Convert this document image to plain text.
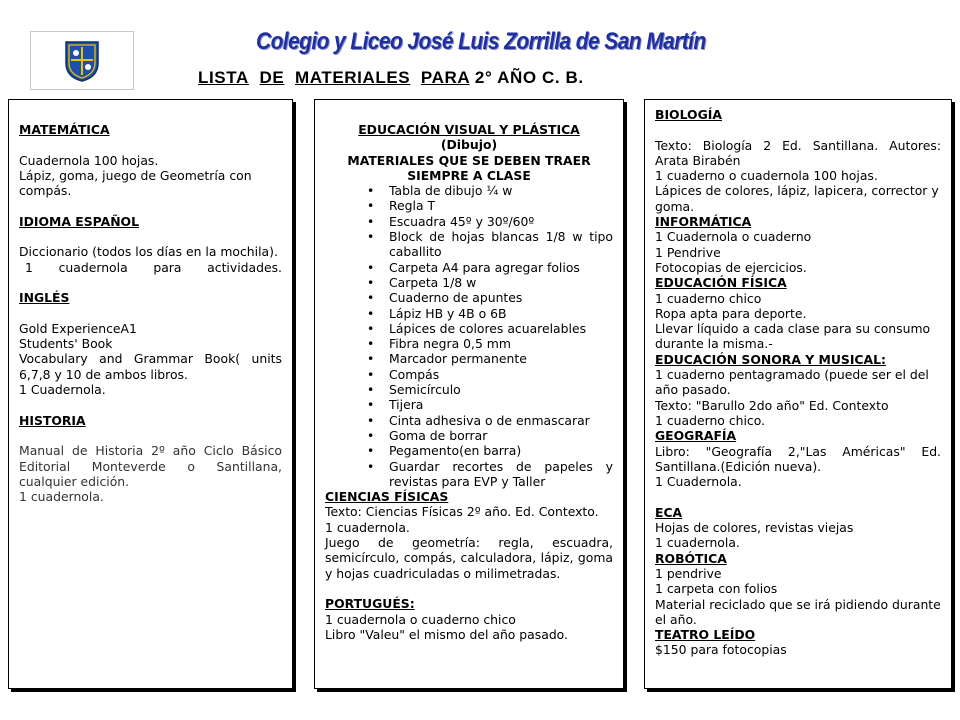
Colegio y Liceo José Luis Zorrilla de San Martín
LISTA DE MATERIALES PARA 2° AÑO C. B.
MATEMÁTICA

Cuadernola 100 hojas.

Lápiz, goma, juego de Geometría con compás.

IDIOMA ESPAÑOL

Diccionario (todos los días en la mochila).

1 cuadernola para actividades.

INGLÉS

Gold ExperienceA1

Students' Book

Vocabulary and Grammar Book( units 6,7,8 y 10 de ambos libros.

1 Cuadernola.

HISTORIA

Manual de Historia 2º año Ciclo Básico Editorial Monteverde o Santillana, cualquier edición.

1 cuadernola.

EDUCACIÓN VISUAL Y PLÁSTICA
(Dibujo)
MATERIALES QUE SE DEBEN TRAER
SIEMPRE A CLASE
• Tabla de dibujo ¼ w
• Regla T
• Escuadra 45º y 30º/60º
• Block de hojas blancas 1/8 w tipo caballito
• Carpeta A4 para agregar folios
• Carpeta 1/8 w
• Cuaderno de apuntes
• Lápiz HB y 4B o 6B
• Lápices de colores acuarelables
• Fibra negra 0,5 mm
• Marcador permanente
• Compás
• Semicírculo
• Tijera
• Cinta adhesiva o de enmascarar
• Goma de borrar
• Pegamento(en barra)
• Guardar recortes de papeles y revistas para EVP y Taller
CIENCIAS FÍSICAS

Texto: Ciencias Físicas 2º año. Ed. Contexto.

1 cuadernola.

Juego de geometría: regla, escuadra, semicírculo, compás, calculadora, lápiz, goma y hojas cuadriculadas o milimetradas.

PORTUGUÉS:

1 cuadernola o cuaderno chico

Libro "Valeu" el mismo del año pasado.

BIOLOGÍA

Texto: Biología 2 Ed. Santillana. Autores: Arata Birabén

1 cuaderno o cuadernola 100 hojas.

Lápices de colores, lápiz, lapicera, corrector y goma.

INFORMÁTICA

1 Cuadernola o cuaderno

1 Pendrive

Fotocopias de ejercicios.

EDUCACIÓN FÍSICA

1 cuaderno chico

Ropa apta para deporte.

Llevar líquido a cada clase para su consumo durante la misma.-

EDUCACIÓN SONORA Y MUSICAL:

1 cuaderno pentagramado (puede ser el del año pasado.

Texto: "Barullo 2do año" Ed. Contexto

1 cuaderno chico.

GEOGRAFÍA

Libro: "Geografía 2,"Las Américas" Ed. Santillana.(Edición nueva).

1 Cuadernola.

ECA

Hojas de colores, revistas viejas

1 cuadernola.

ROBÓTICA

1 pendrive

1 carpeta con folios

Material reciclado que se irá pidiendo durante el año.

TEATRO LEÍDO

$150 para fotocopias
